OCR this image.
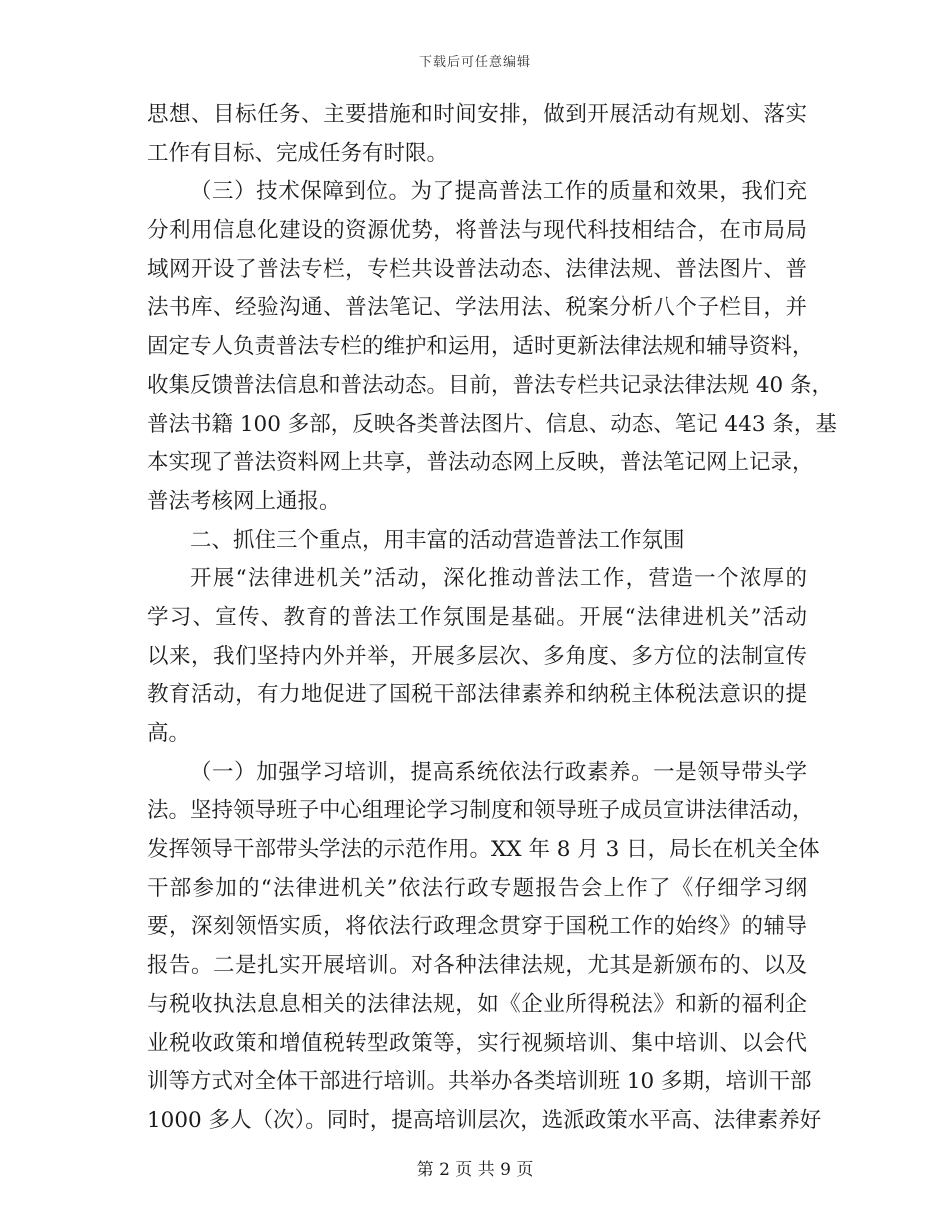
下载后可任意编辑
思想、目标任务、主要措施和时间安排，做到开展活动有规划、落实
工作有目标、完成任务有时限。
（三）技术保障到位。为了提高普法工作的质量和效果，我们充
分利用信息化建设的资源优势，将普法与现代科技相结合，在市局局
域网开设了普法专栏，专栏共设普法动态、法律法规、普法图片、普
法书库、经验沟通、普法笔记、学法用法、税案分析八个子栏目，并
固定专人负责普法专栏的维护和运用，适时更新法律法规和辅导资料，
收集反馈普法信息和普法动态。目前，普法专栏共记录法律法规 40 条，
普法书籍 100 多部，反映各类普法图片、信息、动态、笔记 443 条，基
本实现了普法资料网上共享，普法动态网上反映，普法笔记网上记录，
普法考核网上通报。
二、抓住三个重点，用丰富的活动营造普法工作氛围
开展“法律进机关”活动，深化推动普法工作，营造一个浓厚的
学习、宣传、教育的普法工作氛围是基础。开展“法律进机关”活动
以来，我们坚持内外并举，开展多层次、多角度、多方位的法制宣传
教育活动，有力地促进了国税干部法律素养和纳税主体税法意识的提
高。
（一）加强学习培训，提高系统依法行政素养。一是领导带头学
法。坚持领导班子中心组理论学习制度和领导班子成员宣讲法律活动，
发挥领导干部带头学法的示范作用。XX 年 8 月 3 日，局长在机关全体
干部参加的“法律进机关”依法行政专题报告会上作了《仔细学习纲
要，深刻领悟实质，将依法行政理念贯穿于国税工作的始终》的辅导
报告。二是扎实开展培训。对各种法律法规，尤其是新颁布的、以及
与税收执法息息相关的法律法规，如《企业所得税法》和新的福利企
业税收政策和增值税转型政策等，实行视频培训、集中培训、以会代
训等方式对全体干部进行培训。共举办各类培训班 10 多期，培训干部
1000 多人（次）。同时，提高培训层次，选派政策水平高、法律素养好
第 2 页 共 9 页
